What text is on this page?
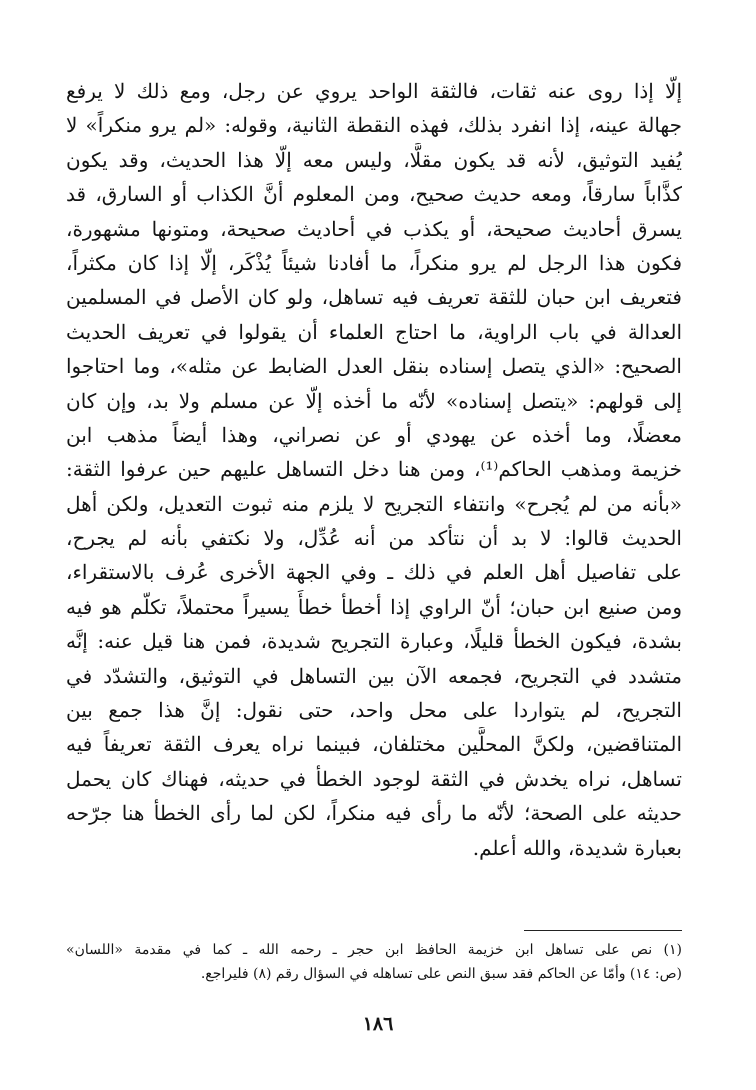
إلّا إذا روى عنه ثقات، فالثقة الواحد يروي عن رجل، ومع ذلك لا يرفع
جهالة عينه، إذا انفرد بذلك، فهذه النقطة الثانية، وقوله: «لم يرو منكراً» لا
يُفيد التوثيق، لأنه قد يكون مقلًّا، وليس معه إلّا هذا الحديث، وقد يكون
كذَّاباً سارقاً، ومعه حديث صحيح، ومن المعلوم أنَّ الكذاب أو السارق، قد
يسرق أحاديث صحيحة، أو يكذب في أحاديث صحيحة، ومتونها مشهورة،
فكون هذا الرجل لم يرو منكراً، ما أفادنا شيئاً يُذْكَر، إلّا إذا كان مكثراً،
فتعريف ابن حبان للثقة تعريف فيه تساهل، ولو كان الأصل في المسلمين
العدالة في باب الراوية، ما احتاج العلماء أن يقولوا في تعريف الحديث
الصحيح: «الذي يتصل إسناده بنقل العدل الضابط عن مثله»، وما احتاجوا
إلى قولهم: «يتصل إسناده» لأنّه ما أخذه إلّا عن مسلم ولا بد، وإن كان
معضلًا، وما أخذه عن يهودي أو عن نصراني، وهذا أيضاً مذهب ابن
خزيمة ومذهب الحاكم⁽¹⁾، ومن هنا دخل التساهل عليهم حين عرفوا الثقة:
«بأنه من لم يُجرح» وانتفاء التجريح لا يلزم منه ثبوت التعديل، ولكن أهل
الحديث قالوا: لا بد أن نتأكد من أنه عُدِّل، ولا نكتفي بأنه لم يجرح،
على تفاصيل أهل العلم في ذلك ـ وفي الجهة الأخرى عُرف بالاستقراء،
ومن صنيع ابن حبان؛ أنّ الراوي إذا أخطأ خطأً يسيراً محتملاً، تكلّم هو فيه
بشدة، فيكون الخطأ قليلًا، وعبارة التجريح شديدة، فمن هنا قيل عنه: إنَّه
متشدد في التجريح، فجمعه الآن بين التساهل في التوثيق، والتشدّد في
التجريح، لم يتواردا على محل واحد، حتى نقول: إنَّ هذا جمع بين
المتناقضين، ولكنَّ المحلَّين مختلفان، فبينما نراه يعرف الثقة تعريفاً فيه
تساهل، نراه يخدش في الثقة لوجود الخطأ في حديثه، فهناك كان يحمل
حديثه على الصحة؛ لأنّه ما رأى فيه منكراً، لكن لما رأى الخطأ هنا جرّحه
بعبارة شديدة، والله أعلم.
(١) نص على تساهل ابن خزيمة الحافظ ابن حجر ـ رحمه الله ـ كما في مقدمة «اللسان»
(ص: ١٤) وأمّا عن الحاكم فقد سبق النص على تساهله في السؤال رقم (٨) فليراجع.
١٨٦
